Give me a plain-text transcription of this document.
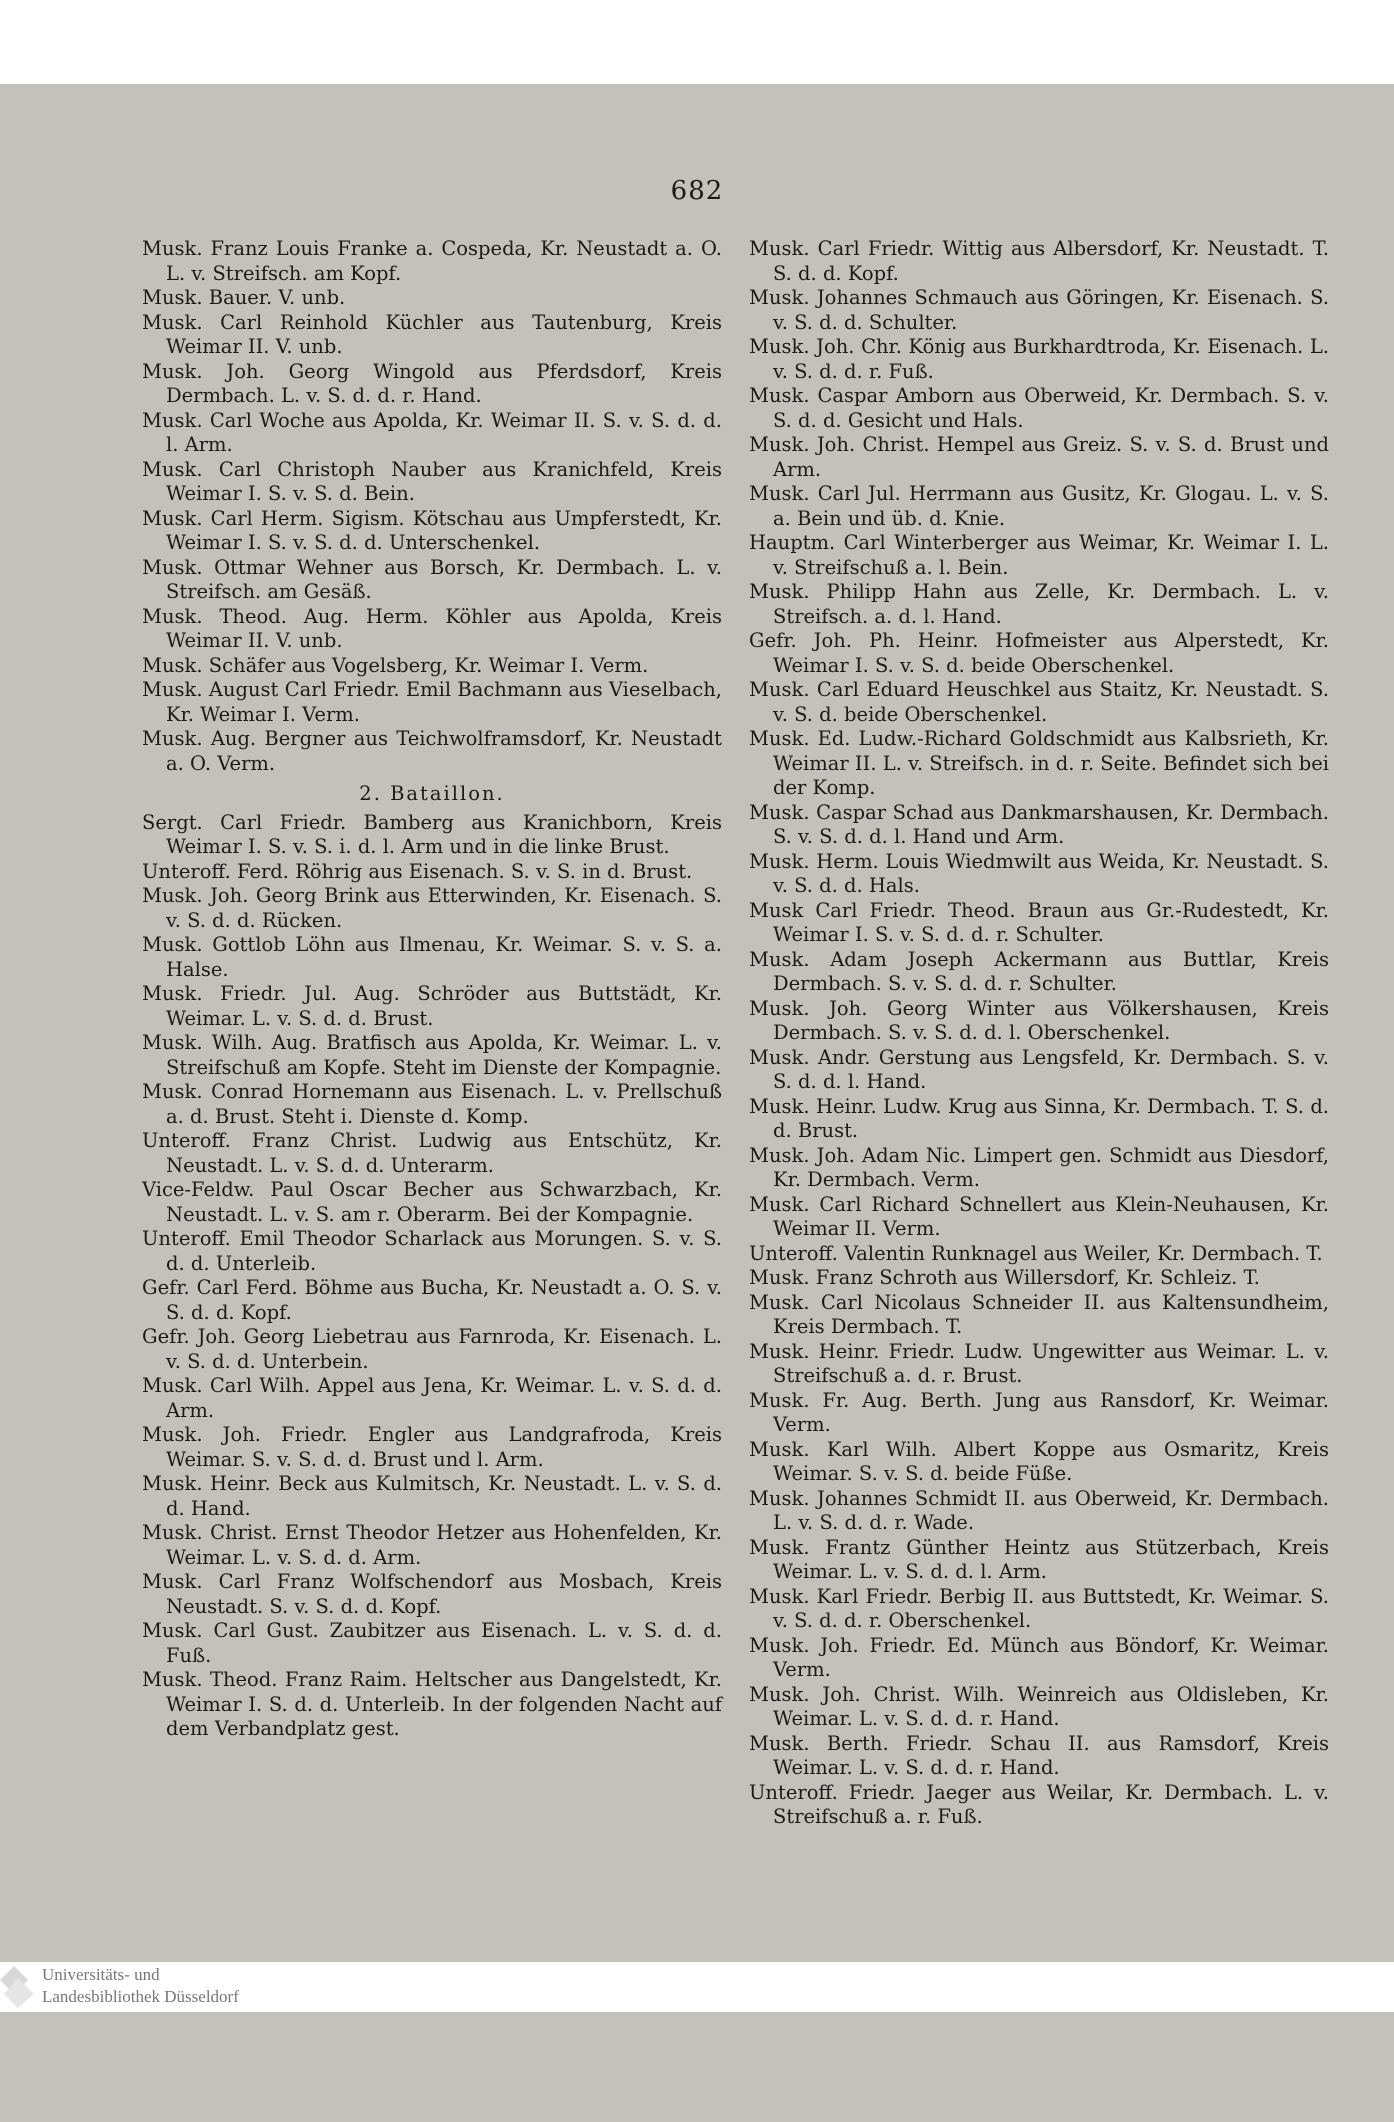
682

Musk. Franz Louis Franke a. Cospeda, Kr. Neustadt a. O. L. v. Streifsch. am Kopf.

Musk. Bauer. V. unb.

Musk. Carl Reinhold Küchler aus Tautenburg, Kreis Weimar II. V. unb.

Musk. Joh. Georg Wingold aus Pferdsdorf, Kreis Dermbach. L. v. S. d. d. r. Hand.

Musk. Carl Woche aus Apolda, Kr. Weimar II. S. v. S. d. d. l. Arm.

Musk. Carl Christoph Nauber aus Kranichfeld, Kreis Weimar I. S. v. S. d. Bein.

Musk. Carl Herm. Sigism. Kötschau aus Umpferstedt, Kr. Weimar I. S. v. S. d. d. Unterschenkel.

Musk. Ottmar Wehner aus Borsch, Kr. Dermbach. L. v. Streifsch. am Gesäß.

Musk. Theod. Aug. Herm. Köhler aus Apolda, Kreis Weimar II. V. unb.

Musk. Schäfer aus Vogelsberg, Kr. Weimar I. Verm.

Musk. August Carl Friedr. Emil Bachmann aus Vieselbach, Kr. Weimar I. Verm.

Musk. Aug. Bergner aus Teichwolframsdorf, Kr. Neustadt a. O. Verm.

2. Bataillon.

Sergt. Carl Friedr. Bamberg aus Kranichborn, Kreis Weimar I. S. v. S. i. d. l. Arm und in die linke Brust.

Unteroff. Ferd. Röhrig aus Eisenach. S. v. S. in d. Brust.

Musk. Joh. Georg Brink aus Etterwinden, Kr. Eisenach. S. v. S. d. d. Rücken.

Musk. Gottlob Löhn aus Ilmenau, Kr. Weimar. S. v. S. a. Halse.

Musk. Friedr. Jul. Aug. Schröder aus Buttstädt, Kr. Weimar. L. v. S. d. d. Brust.

Musk. Wilh. Aug. Bratfisch aus Apolda, Kr. Weimar. L. v. Streifschuß am Kopfe. Steht im Dienste der Kompagnie.

Musk. Conrad Hornemann aus Eisenach. L. v. Prellschuß a. d. Brust. Steht i. Dienste d. Komp.

Unteroff. Franz Christ. Ludwig aus Entschütz, Kr. Neustadt. L. v. S. d. d. Unterarm.

Vice-Feldw. Paul Oscar Becher aus Schwarzbach, Kr. Neustadt. L. v. S. am r. Oberarm. Bei der Kompagnie.

Unteroff. Emil Theodor Scharlack aus Morungen. S. v. S. d. d. Unterleib.

Gefr. Carl Ferd. Böhme aus Bucha, Kr. Neustadt a. O. S. v. S. d. d. Kopf.

Gefr. Joh. Georg Liebetrau aus Farnroda, Kr. Eisenach. L. v. S. d. d. Unterbein.

Musk. Carl Wilh. Appel aus Jena, Kr. Weimar. L. v. S. d. d. Arm.

Musk. Joh. Friedr. Engler aus Landgrafroda, Kreis Weimar. S. v. S. d. d. Brust und l. Arm.

Musk. Heinr. Beck aus Kulmitsch, Kr. Neustadt. L. v. S. d. d. Hand.

Musk. Christ. Ernst Theodor Hetzer aus Hohenfelden, Kr. Weimar. L. v. S. d. d. Arm.

Musk. Carl Franz Wolfschendorf aus Mosbach, Kreis Neustadt. S. v. S. d. d. Kopf.

Musk. Carl Gust. Zaubitzer aus Eisenach. L. v. S. d. d. Fuß.

Musk. Theod. Franz Raim. Heltscher aus Dangelstedt, Kr. Weimar I. S. d. d. Unterleib. In der folgenden Nacht auf dem Verbandplatz gest.

Musk. Carl Friedr. Wittig aus Albersdorf, Kr. Neustadt. T. S. d. d. Kopf.

Musk. Johannes Schmauch aus Göringen, Kr. Eisenach. S. v. S. d. d. Schulter.

Musk. Joh. Chr. König aus Burkhardtroda, Kr. Eisenach. L. v. S. d. d. r. Fuß.

Musk. Caspar Amborn aus Oberweid, Kr. Dermbach. S. v. S. d. d. Gesicht und Hals.

Musk. Joh. Christ. Hempel aus Greiz. S. v. S. d. Brust und Arm.

Musk. Carl Jul. Herrmann aus Gusitz, Kr. Glogau. L. v. S. a. Bein und üb. d. Knie.

Hauptm. Carl Winterberger aus Weimar, Kr. Weimar I. L. v. Streifschuß a. l. Bein.

Musk. Philipp Hahn aus Zelle, Kr. Dermbach. L. v. Streifsch. a. d. l. Hand.

Gefr. Joh. Ph. Heinr. Hofmeister aus Alperstedt, Kr. Weimar I. S. v. S. d. beide Oberschenkel.

Musk. Carl Eduard Heuschkel aus Staitz, Kr. Neustadt. S. v. S. d. beide Oberschenkel.

Musk. Ed. Ludw.-Richard Goldschmidt aus Kalbsrieth, Kr. Weimar II. L. v. Streifsch. in d. r. Seite. Befindet sich bei der Komp.

Musk. Caspar Schad aus Dankmarshausen, Kr. Dermbach. S. v. S. d. d. l. Hand und Arm.

Musk. Herm. Louis Wiedmwilt aus Weida, Kr. Neustadt. S. v. S. d. d. Hals.

Musk Carl Friedr. Theod. Braun aus Gr.-Rudestedt, Kr. Weimar I. S. v. S. d. d. r. Schulter.

Musk. Adam Joseph Ackermann aus Buttlar, Kreis Dermbach. S. v. S. d. d. r. Schulter.

Musk. Joh. Georg Winter aus Völkershausen, Kreis Dermbach. S. v. S. d. d. l. Oberschenkel.

Musk. Andr. Gerstung aus Lengsfeld, Kr. Dermbach. S. v. S. d. d. l. Hand.

Musk. Heinr. Ludw. Krug aus Sinna, Kr. Dermbach. T. S. d. d. Brust.

Musk. Joh. Adam Nic. Limpert gen. Schmidt aus Diesdorf, Kr. Dermbach. Verm.

Musk. Carl Richard Schnellert aus Klein-Neuhausen, Kr. Weimar II. Verm.

Unteroff. Valentin Runknagel aus Weiler, Kr. Dermbach. T.

Musk. Franz Schroth aus Willersdorf, Kr. Schleiz. T.

Musk. Carl Nicolaus Schneider II. aus Kaltensundheim, Kreis Dermbach. T.

Musk. Heinr. Friedr. Ludw. Ungewitter aus Weimar. L. v. Streifschuß a. d. r. Brust.

Musk. Fr. Aug. Berth. Jung aus Ransdorf, Kr. Weimar. Verm.

Musk. Karl Wilh. Albert Koppe aus Osmaritz, Kreis Weimar. S. v. S. d. beide Füße.

Musk. Johannes Schmidt II. aus Oberweid, Kr. Dermbach. L. v. S. d. d. r. Wade.

Musk. Frantz Günther Heintz aus Stützerbach, Kreis Weimar. L. v. S. d. d. l. Arm.

Musk. Karl Friedr. Berbig II. aus Buttstedt, Kr. Weimar. S. v. S. d. d. r. Oberschenkel.

Musk. Joh. Friedr. Ed. Münch aus Böndorf, Kr. Weimar. Verm.

Musk. Joh. Christ. Wilh. Weinreich aus Oldisleben, Kr. Weimar. L. v. S. d. d. r. Hand.

Musk. Berth. Friedr. Schau II. aus Ramsdorf, Kreis Weimar. L. v. S. d. d. r. Hand.

Unteroff. Friedr. Jaeger aus Weilar, Kr. Dermbach. L. v. Streifschuß a. r. Fuß.

Universitäts- und
Landesbibliothek Düsseldorf
